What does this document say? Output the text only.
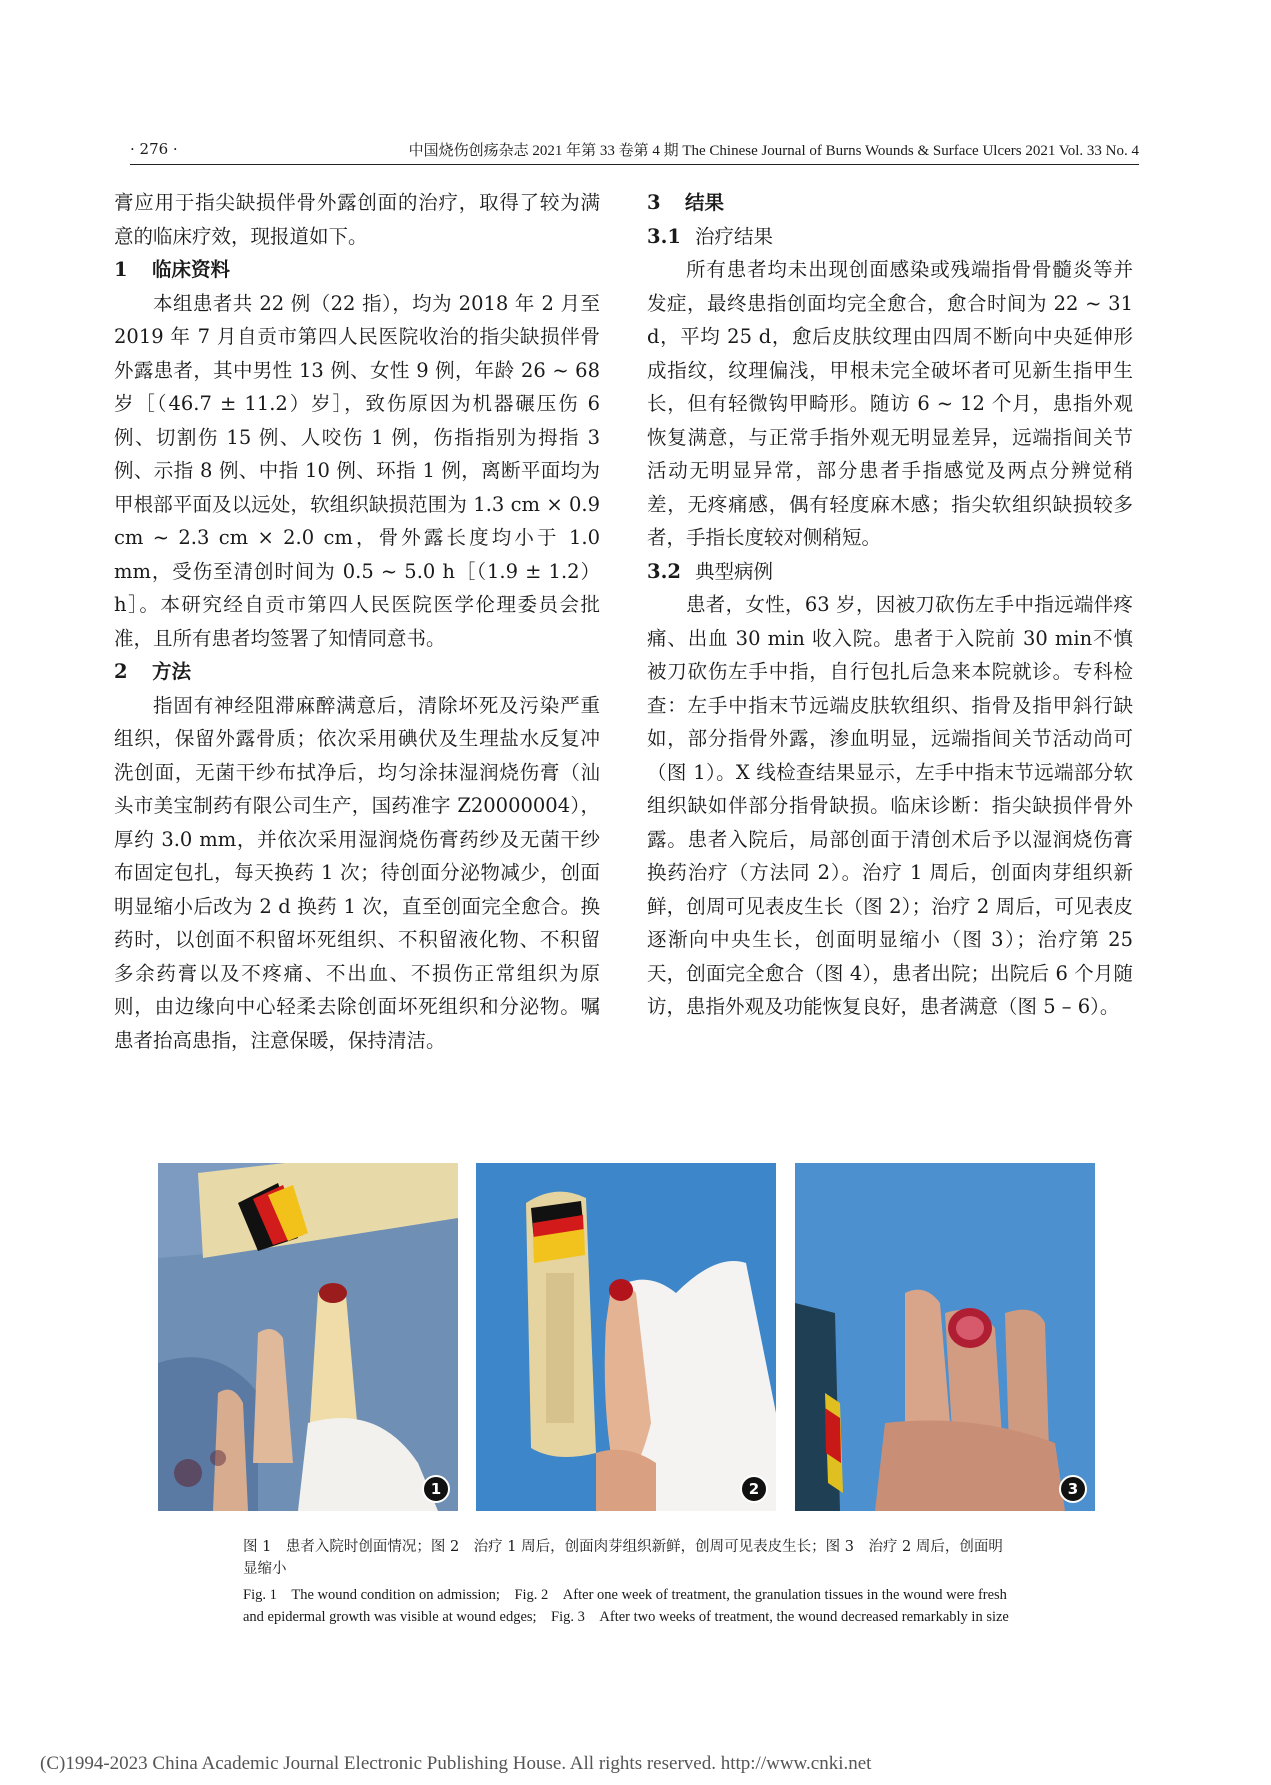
· 276 ·	中国烧伤创疡杂志 2021 年第 33 卷第 4 期 The Chinese Journal of Burns Wounds & Surface Ulcers 2021 Vol. 33 No. 4

膏应用于指尖缺损伴骨外露创面的治疗，取得了较为满意的临床疗效，现报道如下。

1 临床资料

本组患者共 22 例（22 指），均为 2018 年 2 月至 2019 年 7 月自贡市第四人民医院收治的指尖缺损伴骨外露患者，其中男性 13 例、女性 9 例，年龄 26 ~ 68 岁［（46.7 ± 11.2）岁］，致伤原因为机器碾压伤 6 例、切割伤 15 例、人咬伤 1 例，伤指指别为拇指 3 例、示指 8 例、中指 10 例、环指 1 例，离断平面均为甲根部平面及以远处，软组织缺损范围为 1.3 cm × 0.9 cm ~ 2.3 cm × 2.0 cm，骨外露长度均小于 1.0 mm，受伤至清创时间为 0.5 ~ 5.0 h［（1.9 ± 1.2）h］。本研究经自贡市第四人民医院医学伦理委员会批准，且所有患者均签署了知情同意书。

2 方法

指固有神经阻滞麻醉满意后，清除坏死及污染严重组织，保留外露骨质；依次采用碘伏及生理盐水反复冲洗创面，无菌干纱布拭净后，均匀涂抹湿润烧伤膏（汕头市美宝制药有限公司生产，国药准字 Z20000004），厚约 3.0 mm，并依次采用湿润烧伤膏药纱及无菌干纱布固定包扎，每天换药 1 次；待创面分泌物减少，创面明显缩小后改为 2 d 换药 1 次，直至创面完全愈合。换药时，以创面不积留坏死组织、不积留液化物、不积留多余药膏以及不疼痛、不出血、不损伤正常组织为原则，由边缘向中心轻柔去除创面坏死组织和分泌物。嘱患者抬高患指，注意保暖，保持清洁。

3 结果

3.1 治疗结果

所有患者均未出现创面感染或残端指骨骨髓炎等并发症，最终患指创面均完全愈合，愈合时间为 22 ~ 31 d，平均 25 d，愈后皮肤纹理由四周不断向中央延伸形成指纹，纹理偏浅，甲根未完全破坏者可见新生指甲生长，但有轻微钩甲畸形。随访 6 ~ 12 个月，患指外观恢复满意，与正常手指外观无明显差异，远端指间关节活动无明显异常，部分患者手指感觉及两点分辨觉稍差，无疼痛感，偶有轻度麻木感；指尖软组织缺损较多者，手指长度较对侧稍短。

3.2 典型病例

患者，女性，63 岁，因被刀砍伤左手中指远端伴疼痛、出血 30 min 收入院。患者于入院前 30 min不慎被刀砍伤左手中指，自行包扎后急来本院就诊。专科检查：左手中指末节远端皮肤软组织、指骨及指甲斜行缺如，部分指骨外露，渗血明显，远端指间关节活动尚可（图 1）。X 线检查结果显示，左手中指末节远端部分软组织缺如伴部分指骨缺损。临床诊断：指尖缺损伴骨外露。患者入院后，局部创面于清创术后予以湿润烧伤膏换药治疗（方法同 2）。治疗 1 周后，创面肉芽组织新鲜，创周可见表皮生长（图 2）；治疗 2 周后，可见表皮逐渐向中央生长，创面明显缩小（图 3）；治疗第 25 天，创面完全愈合（图 4），患者出院；出院后 6 个月随访，患指外观及功能恢复良好，患者满意（图 5 – 6）。

1	2	3

图 1　患者入院时创面情况；图 2　治疗 1 周后，创面肉芽组织新鲜，创周可见表皮生长；图 3　治疗 2 周后，创面明显缩小

Fig. 1　The wound condition on admission;　Fig. 2　After one week of treatment, the granulation tissues in the wound were fresh and epidermal growth was visible at wound edges;　Fig. 3　After two weeks of treatment, the wound decreased remarkably in size

(C)1994-2023 China Academic Journal Electronic Publishing House. All rights reserved. http://www.cnki.net
